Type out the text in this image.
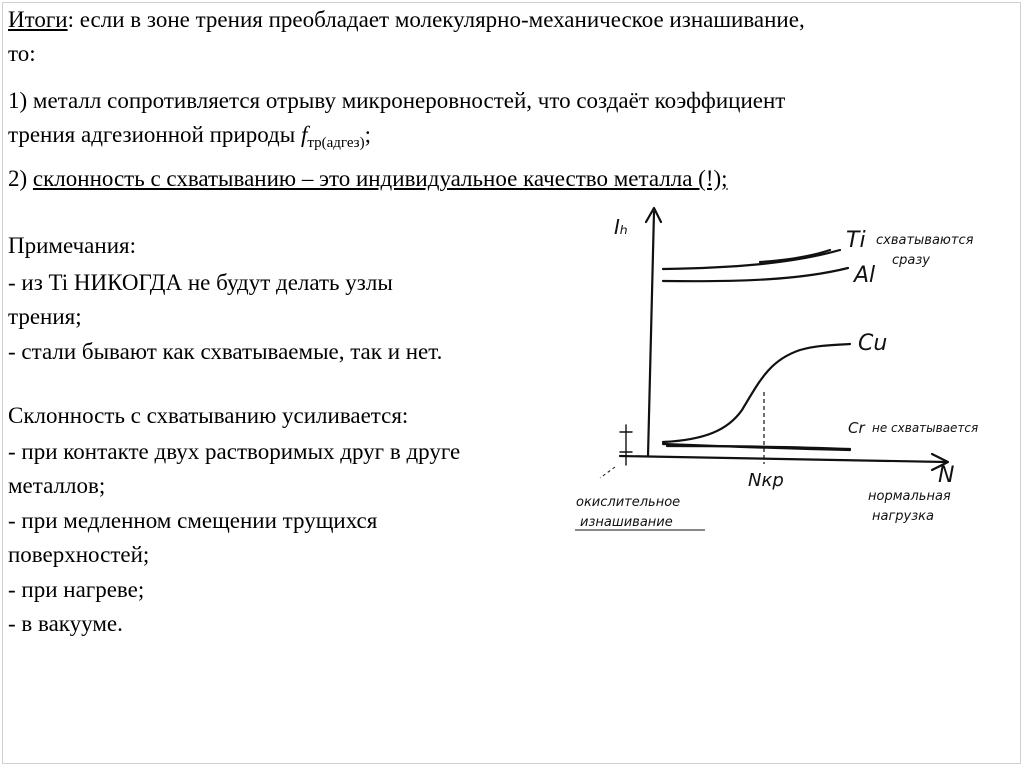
Итоги: если в зоне трения преобладает молекулярно-механическое изнашивание,
то:
1) металл сопротивляется отрыву микронеровностей, что создаёт коэффициент
трения адгезионной природы $f_{тр(адгез)}$;
2) склонность с схватыванию – это индивидуальное качество металла (!);
Примечания:
- из Ti НИКОГДА не будут делать узлы
трения;
- стали бывают как схватываемые, так и нет.
Склонность с схватыванию усиливается:
- при контакте двух растворимых друг в друге
металлов;
- при медленном смещении трущихся
поверхностей;
- при нагреве;
- в вакууме.
Iₕ
N
Ti
Al
Cu
Cr
схватываются
сразу
не схватывается
Nкр
нормальная
нагрузка
окислительное
изнашивание
